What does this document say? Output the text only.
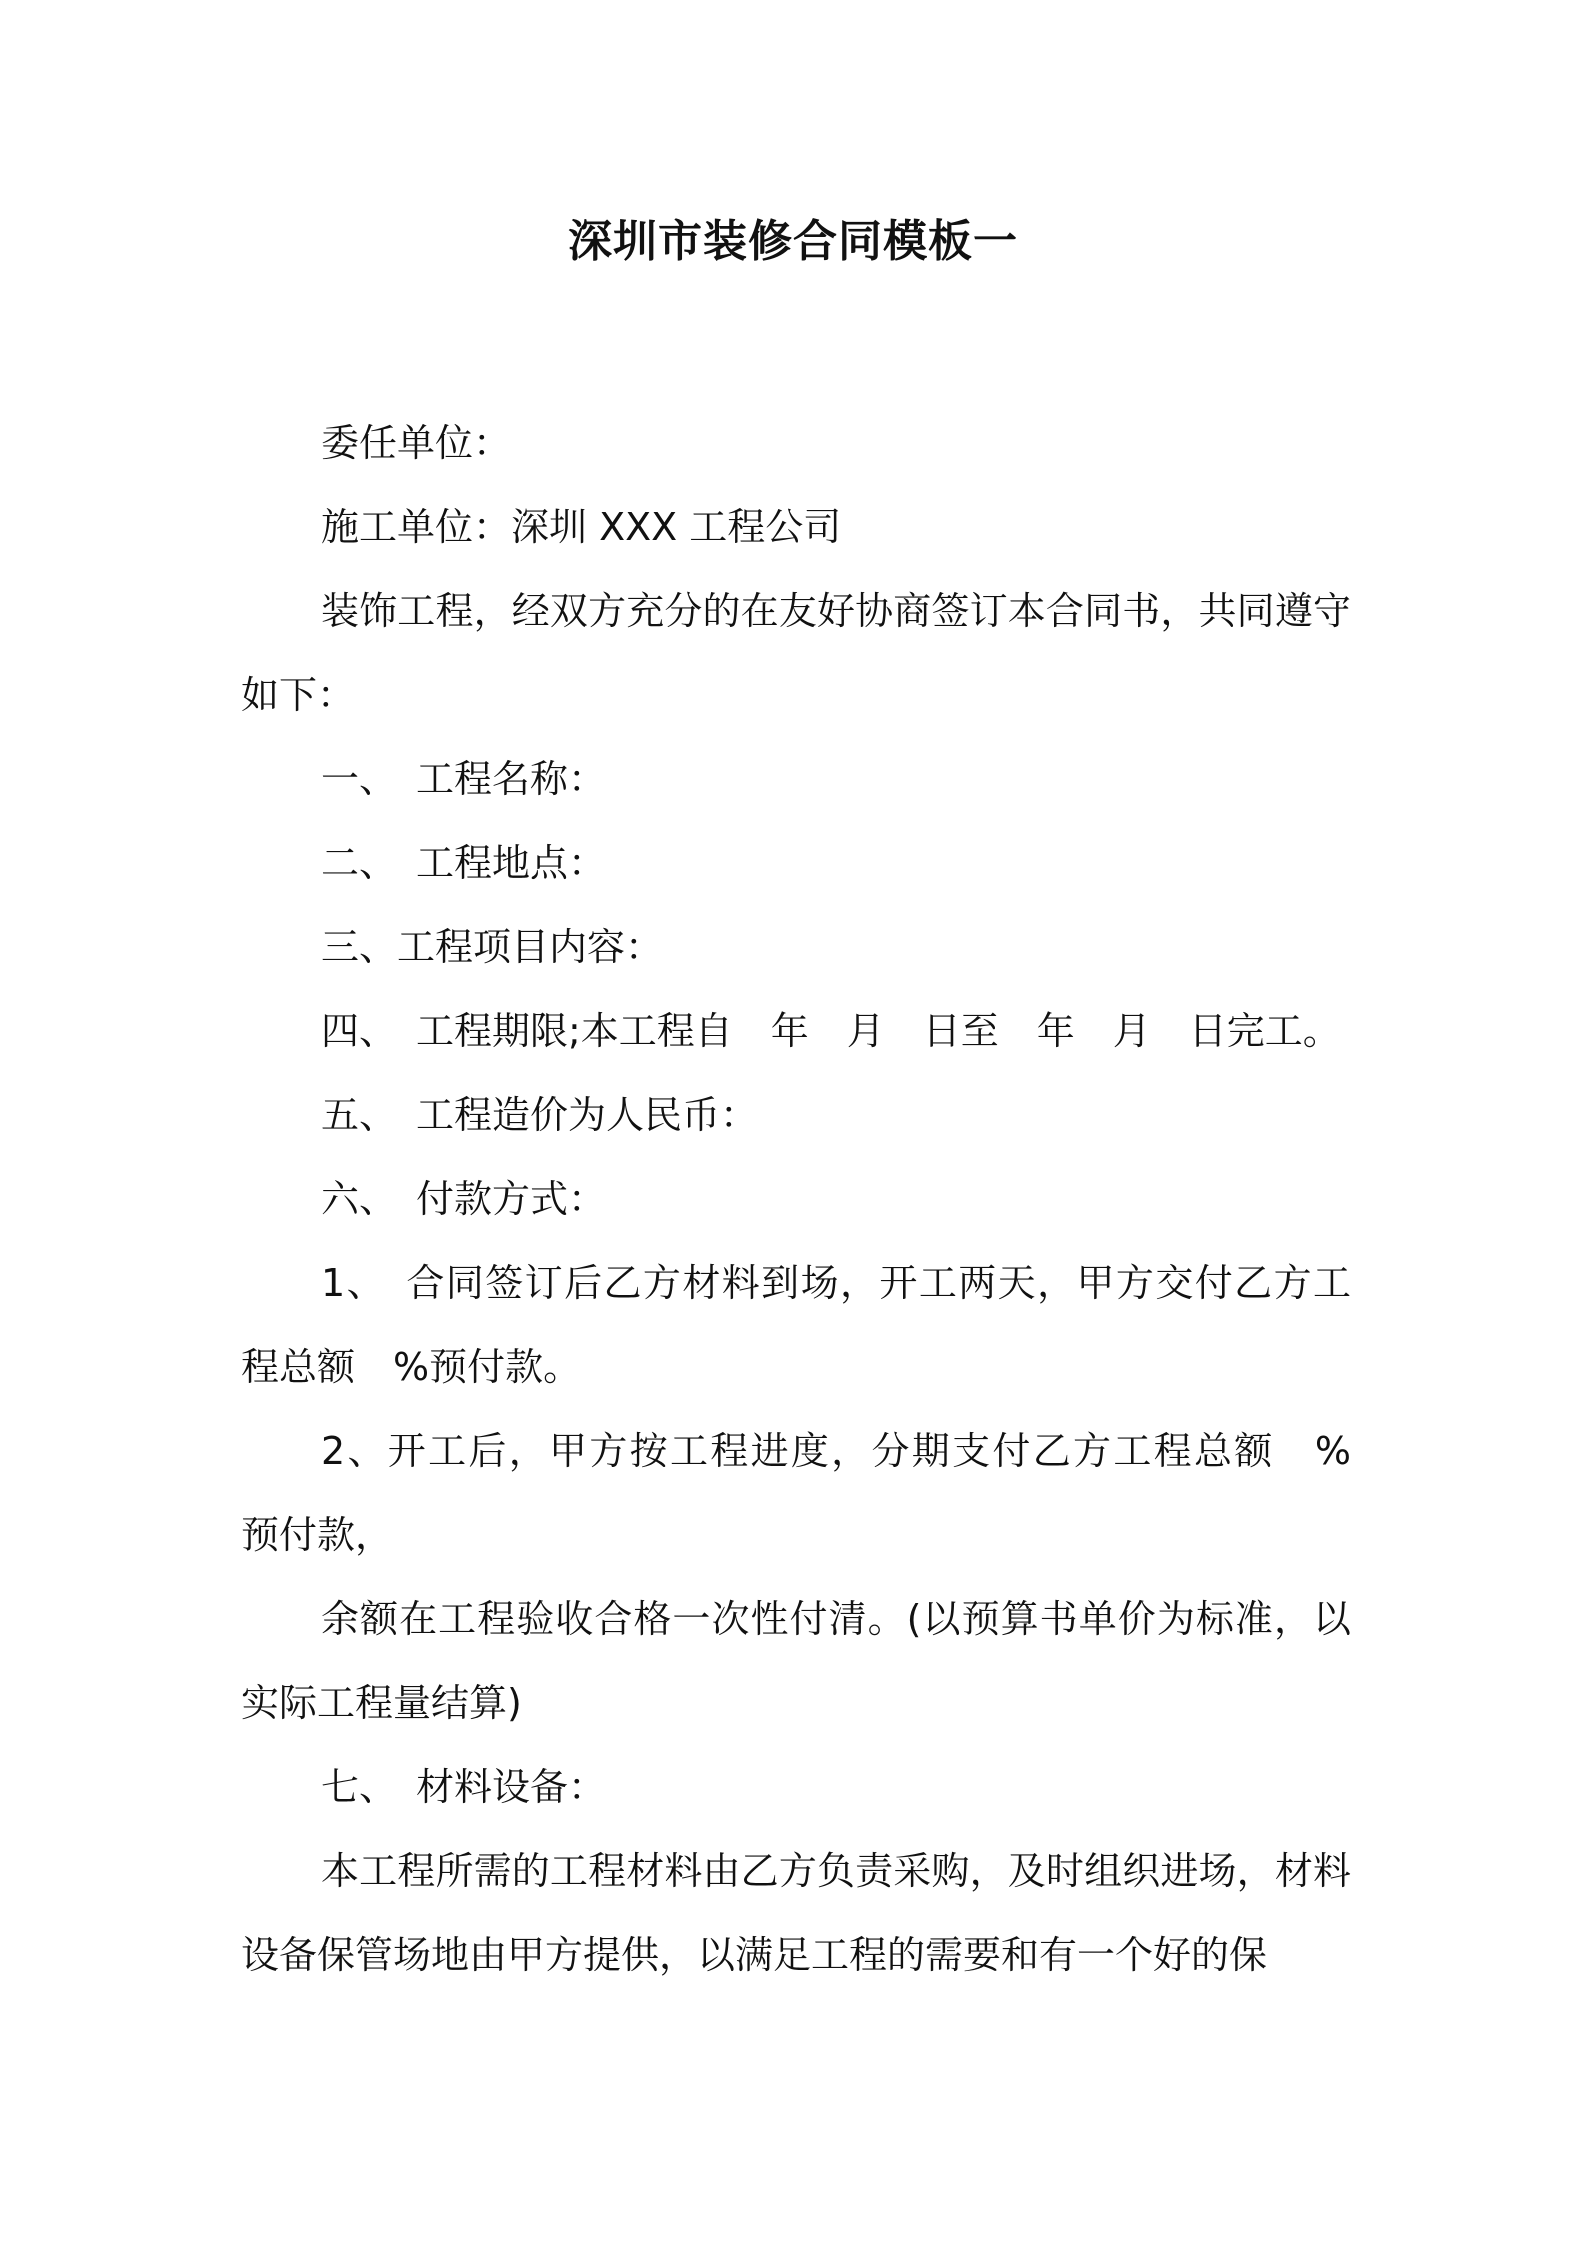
深圳市装修合同模板一

委任单位：

施工单位：深圳 XXX 工程公司

装饰工程，经双方充分的在友好协商签订本合同书，共同遵守如下：

一、　工程名称：

二、　工程地点：

三、工程项目内容：

四、　工程期限;本工程自　年　月　日至　年　月　日完工。

五、　工程造价为人民币：

六、　付款方式：

1、　合同签订后乙方材料到场，开工两天，甲方交付乙方工程总额　%预付款。

2、开工后，甲方按工程进度，分期支付乙方工程总额　%　预付款，

余额在工程验收合格一次性付清。(以预算书单价为标准，以实际工程量结算)

七、　材料设备：

本工程所需的工程材料由乙方负责采购，及时组织进场，材料设备保管场地由甲方提供，以满足工程的需要和有一个好的保
